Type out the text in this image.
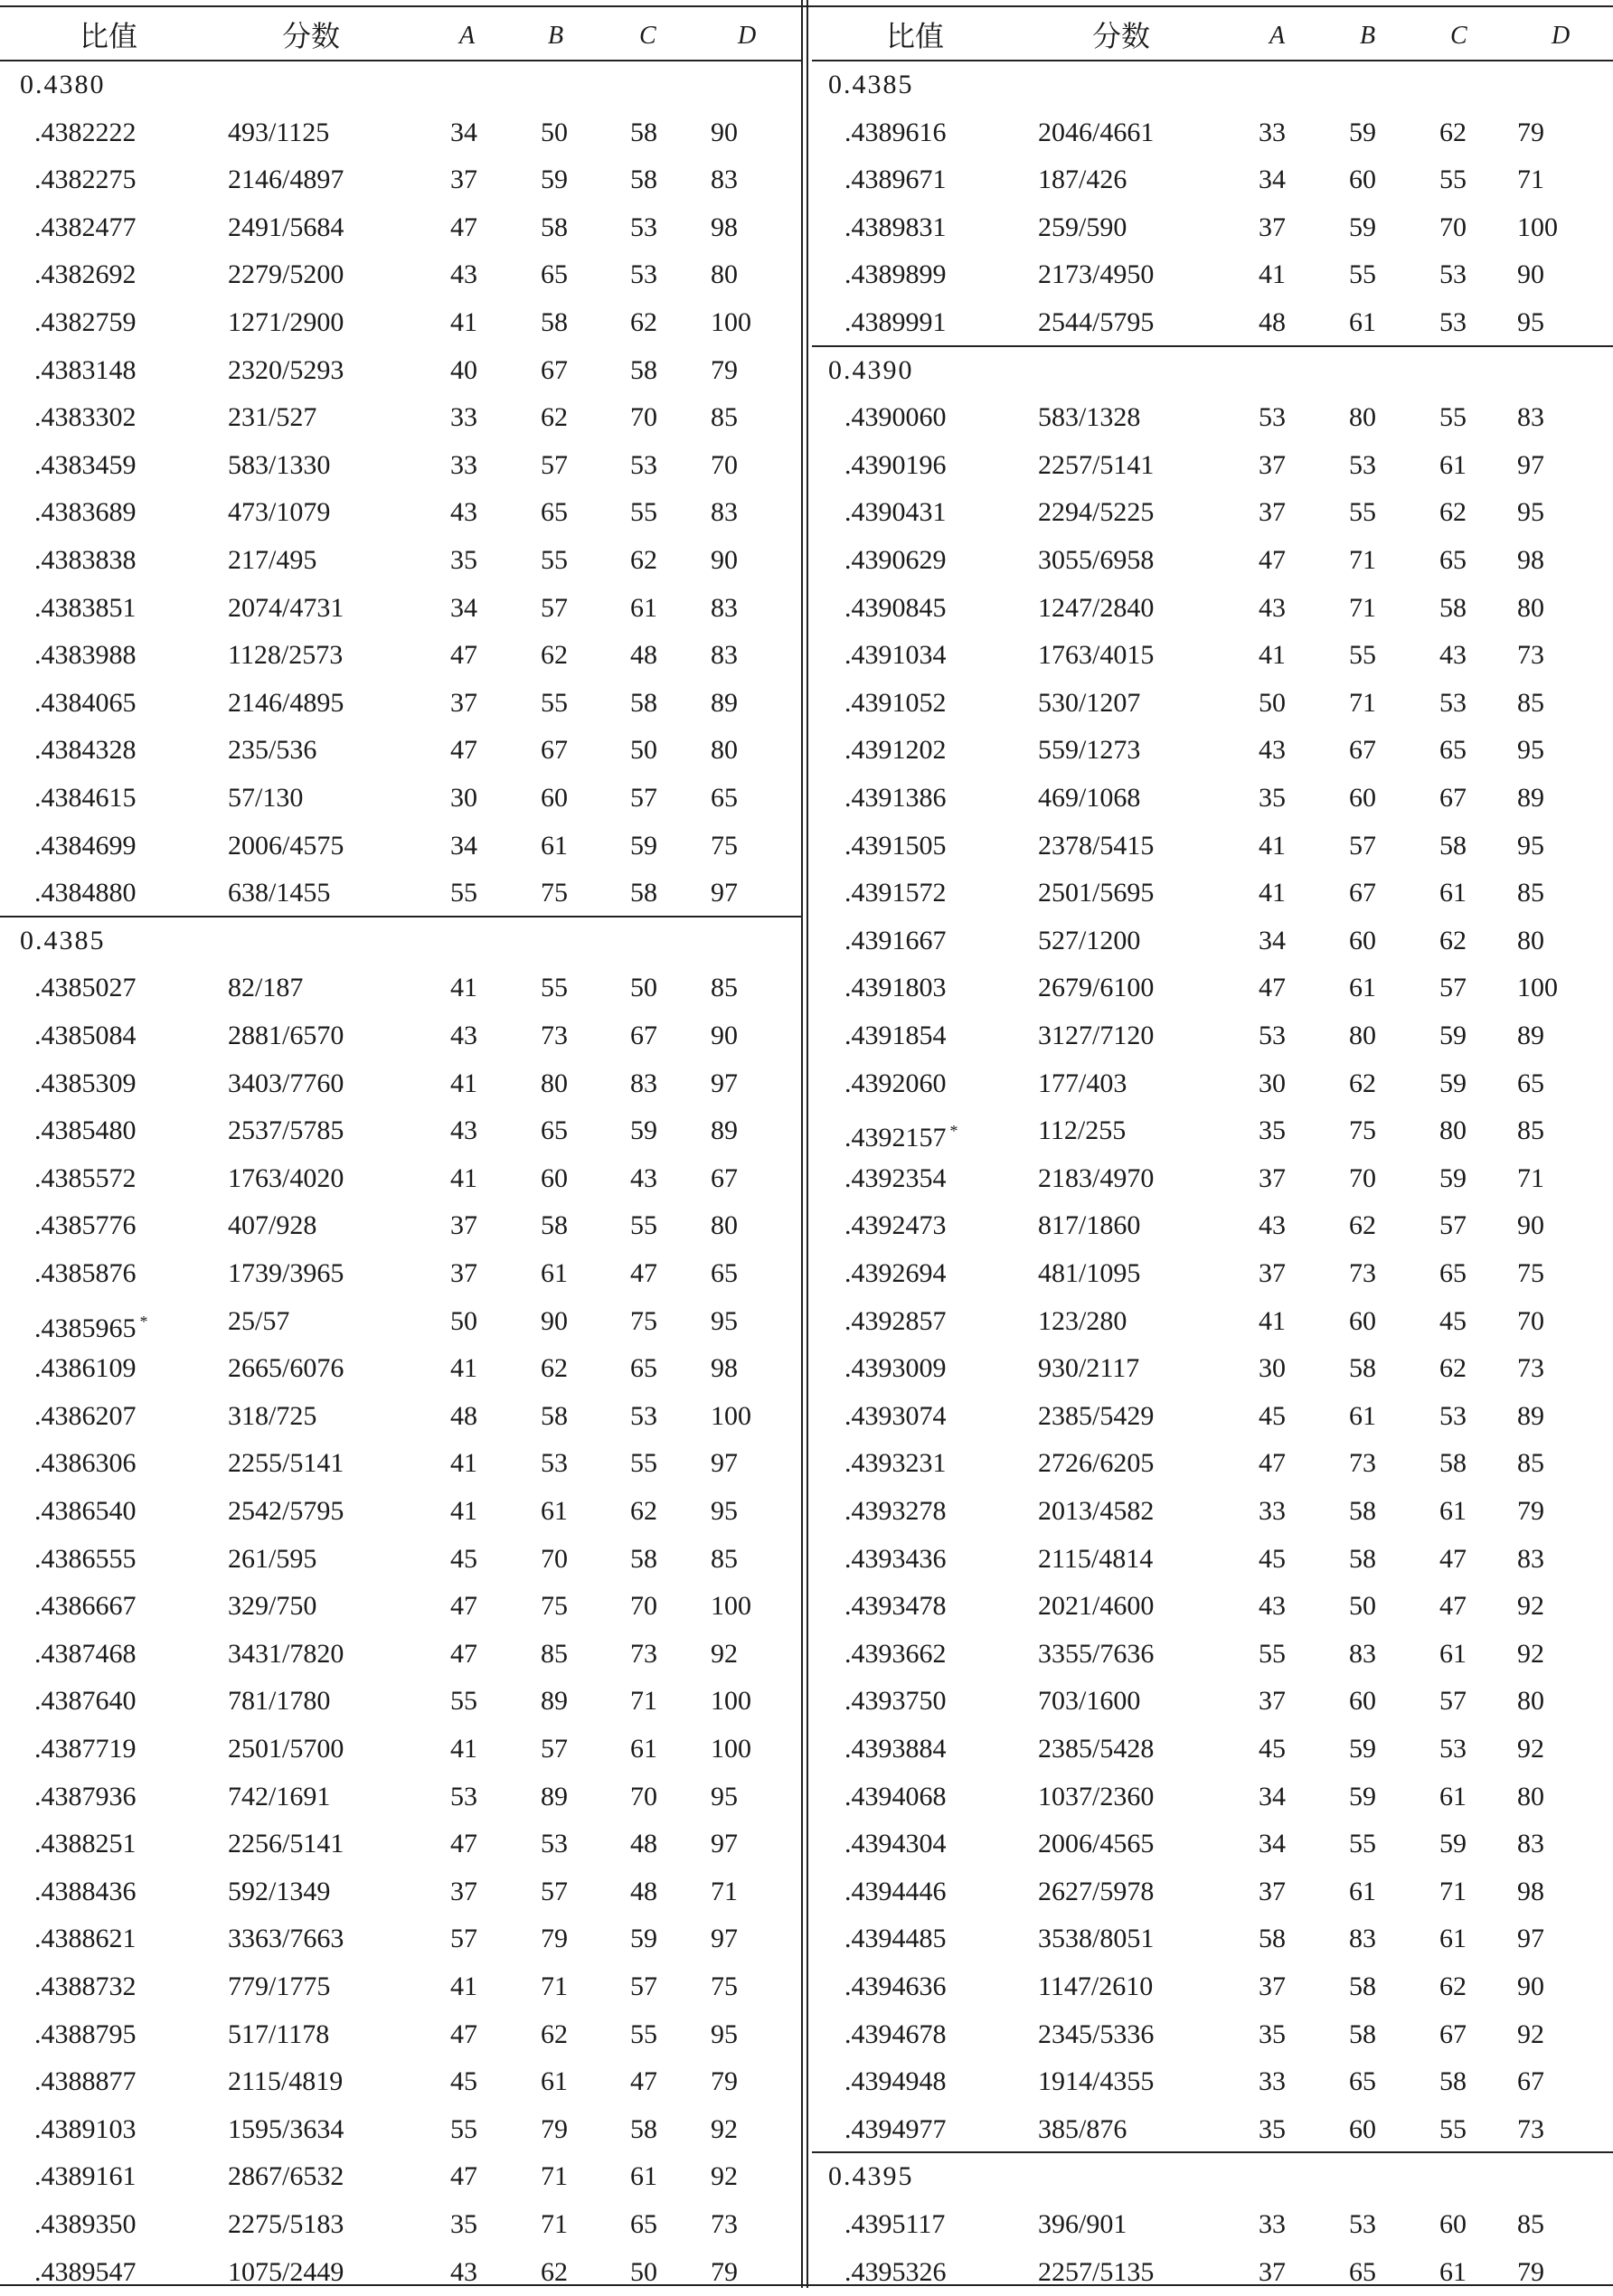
比值	分数	A	B	C	D
0.4380
.4382222	493/1125	34 50 58 90
.4382275	2146/4897	37 59 58 83
.4382477	2491/5684	47 58 53 98
.4382692	2279/5200	43 65 53 80
.4382759	1271/2900	41 58 62 100
.4383148	2320/5293	40 67 58 79
.4383302	231/527	33 62 70 85
.4383459	583/1330	33 57 53 70
.4383689	473/1079	43 65 55 83
.4383838	217/495	35 55 62 90
.4383851	2074/4731	34 57 61 83
.4383988	1128/2573	47 62 48 83
.4384065	2146/4895	37 55 58 89
.4384328	235/536	47 67 50 80
.4384615	57/130	30 60 57 65
.4384699	2006/4575	34 61 59 75
.4384880	638/1455	55 75 58 97
0.4385
.4385027	82/187	41 55 50 85
.4385084	2881/6570	43 73 67 90
.4385309	3403/7760	41 80 83 97
.4385480	2537/5785	43 65 59 89
.4385572	1763/4020	41 60 43 67
.4385776	407/928	37 58 55 80
.4385876	1739/3965	37 61 47 65
.4385965 *	25/57	50 90 75 95
.4386109	2665/6076	41 62 65 98
.4386207	318/725	48 58 53 100
.4386306	2255/5141	41 53 55 97
.4386540	2542/5795	41 61 62 95
.4386555	261/595	45 70 58 85
.4386667	329/750	47 75 70 100
.4387468	3431/7820	47 85 73 92
.4387640	781/1780	55 89 71 100
.4387719	2501/5700	41 57 61 100
.4387936	742/1691	53 89 70 95
.4388251	2256/5141	47 53 48 97
.4388436	592/1349	37 57 48 71
.4388621	3363/7663	57 79 59 97
.4388732	779/1775	41 71 57 75
.4388795	517/1178	47 62 55 95
.4388877	2115/4819	45 61 47 79
.4389103	1595/3634	55 79 58 92
.4389161	2867/6532	47 71 61 92
.4389350	2275/5183	35 71 65 73
.4389547	1075/2449	43 62 50 79
比值	分数	A	B	C	D
0.4385
.4389616	2046/4661	33 59 62 79
.4389671	187/426	34 60 55 71
.4389831	259/590	37 59 70 100
.4389899	2173/4950	41 55 53 90
.4389991	2544/5795	48 61 53 95
0.4390
.4390060	583/1328	53 80 55 83
.4390196	2257/5141	37 53 61 97
.4390431	2294/5225	37 55 62 95
.4390629	3055/6958	47 71 65 98
.4390845	1247/2840	43 71 58 80
.4391034	1763/4015	41 55 43 73
.4391052	530/1207	50 71 53 85
.4391202	559/1273	43 67 65 95
.4391386	469/1068	35 60 67 89
.4391505	2378/5415	41 57 58 95
.4391572	2501/5695	41 67 61 85
.4391667	527/1200	34 60 62 80
.4391803	2679/6100	47 61 57 100
.4391854	3127/7120	53 80 59 89
.4392060	177/403	30 62 59 65
.4392157 *	112/255	35 75 80 85
.4392354	2183/4970	37 70 59 71
.4392473	817/1860	43 62 57 90
.4392694	481/1095	37 73 65 75
.4392857	123/280	41 60 45 70
.4393009	930/2117	30 58 62 73
.4393074	2385/5429	45 61 53 89
.4393231	2726/6205	47 73 58 85
.4393278	2013/4582	33 58 61 79
.4393436	2115/4814	45 58 47 83
.4393478	2021/4600	43 50 47 92
.4393662	3355/7636	55 83 61 92
.4393750	703/1600	37 60 57 80
.4393884	2385/5428	45 59 53 92
.4394068	1037/2360	34 59 61 80
.4394304	2006/4565	34 55 59 83
.4394446	2627/5978	37 61 71 98
.4394485	3538/8051	58 83 61 97
.4394636	1147/2610	37 58 62 90
.4394678	2345/5336	35 58 67 92
.4394948	1914/4355	33 65 58 67
.4394977	385/876	35 60 55 73
0.4395
.4395117	396/901	33 53 60 85
.4395326	2257/5135	37 65 61 79
